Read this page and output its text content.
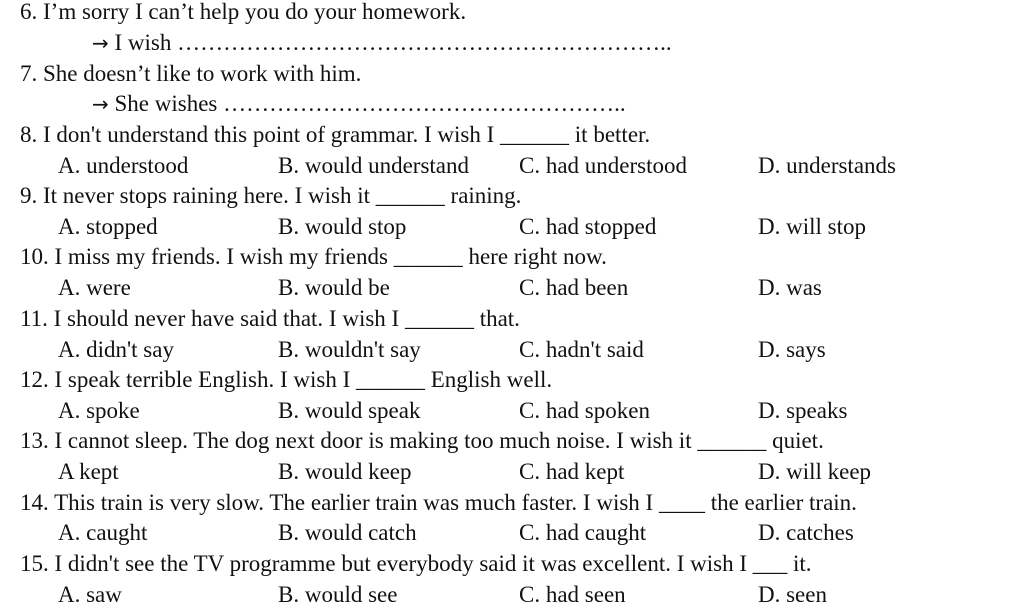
6. I’m sorry I can’t help you do your homework.
→ I wish ………………………………………………………..
7. She doesn’t like to work with him.
→ She wishes ……………………………………………..
8. I don't understand this point of grammar. I wish I ______ it better.
A. understood	B. would understand C. had understood	D. understands
9. It never stops raining here. I wish it ______ raining.
A. stopped	B. would stop	C. had stopped	D. will stop
10. I miss my friends. I wish my friends ______ here right now.
A. were	B. would be	C. had been	D. was
11. I should never have said that. I wish I ______ that.
A. didn't say	B. wouldn't say	C. hadn't said	D. says
12. I speak terrible English. I wish I ______ English well.
A. spoke	B. would speak	C. had spoken	D. speaks
13. I cannot sleep. The dog next door is making too much noise. I wish it ______ quiet.
A kept	B. would keep	C. had kept	D. will keep
14. This train is very slow. The earlier train was much faster. I wish I ____ the earlier train.
A. caught	B. would catch	C. had caught	D. catches
15. I didn't see the TV programme but everybody said it was excellent. I wish I ___ it.
A. saw	B. would see	C. had seen	D. seen
